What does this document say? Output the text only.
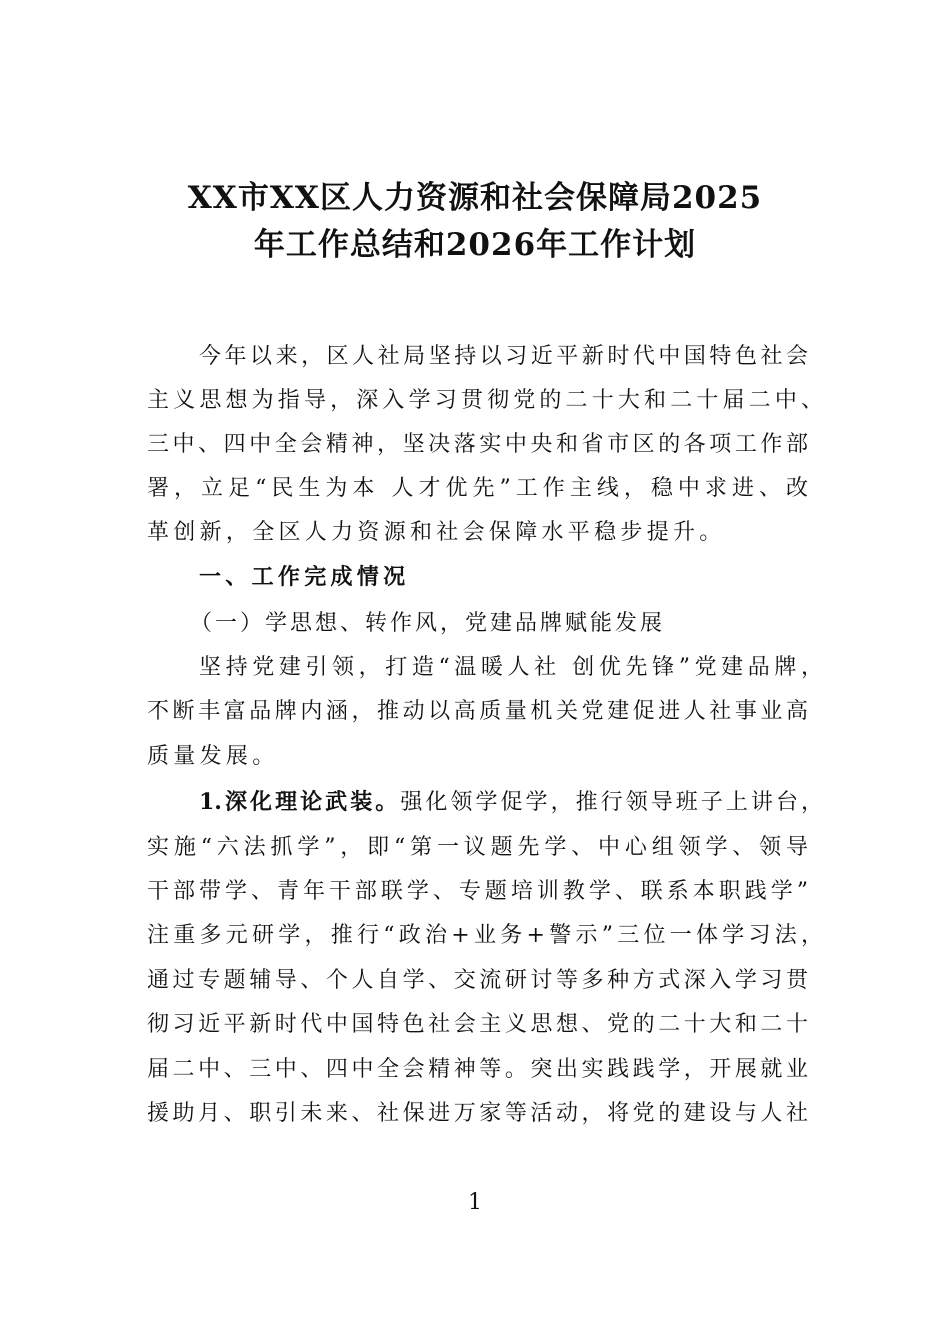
XX市XX区人力资源和社会保障局2025
年工作总结和2026年工作计划
今年以来，区人社局坚持以习近平新时代中国特色社会
主义思想为指导，深入学习贯彻党的二十大和二十届二中、
三中、四中全会精神，坚决落实中央和省市区的各项工作部
署，立足“民生为本 人才优先”工作主线，稳中求进、改
革创新，全区人力资源和社会保障水平稳步提升。
一、工作完成情况
（一）学思想、转作风，党建品牌赋能发展
坚持党建引领，打造“温暖人社 创优先锋”党建品牌，
不断丰富品牌内涵，推动以高质量机关党建促进人社事业高
质量发展。
1.深化理论武装。强化领学促学，推行领导班子上讲台，
实施“六法抓学”，即“第一议题先学、中心组领学、领导
干部带学、青年干部联学、专题培训教学、联系本职践学”
注重多元研学，推行“政治+业务+警示”三位一体学习法，
通过专题辅导、个人自学、交流研讨等多种方式深入学习贯
彻习近平新时代中国特色社会主义思想、党的二十大和二十
届二中、三中、四中全会精神等。突出实践践学，开展就业
援助月、职引未来、社保进万家等活动，将党的建设与人社
1
